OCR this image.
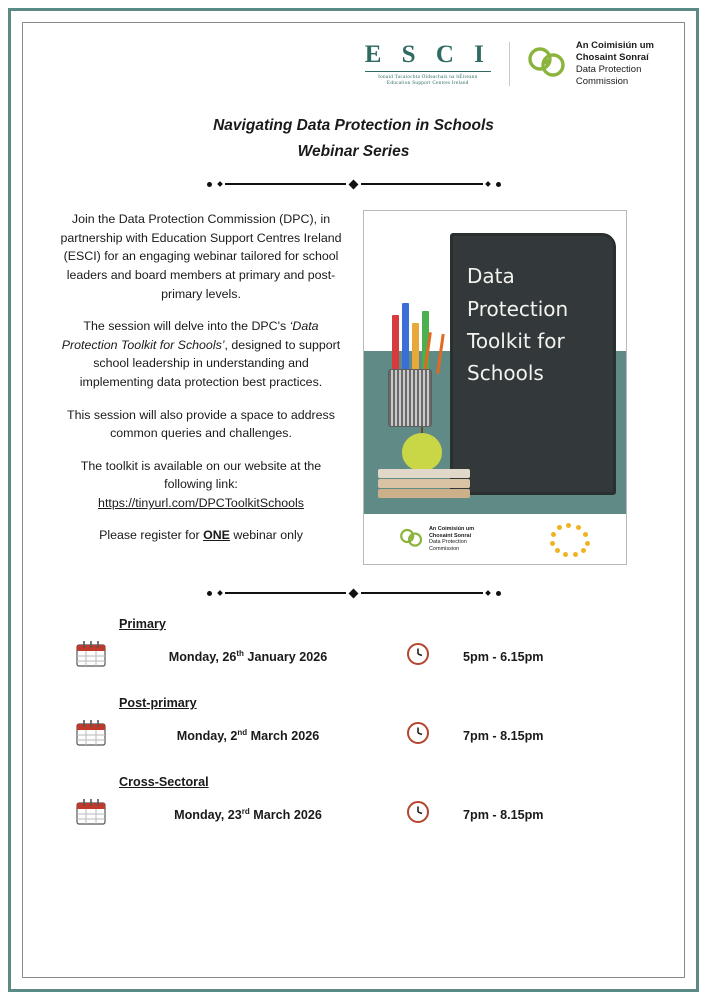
E S C I
Ionaid Tacaíochta Oideachais na hÉireann
Education Support Centres Ireland
An Coimisiún um
Chosaint Sonraí
Data Protection
Commission
Navigating Data Protection in Schools
Webinar Series

Join the Data Protection Commission (DPC), in partnership with Education Support Centres Ireland (ESCI) for an engaging webinar tailored for school leaders and board members at primary and post-primary levels.

The session will delve into the DPC's ‘Data Protection Toolkit for Schools’, designed to support school leadership in understanding and implementing data protection best practices.

This session will also provide a space to address common queries and challenges.

The toolkit is available on our website at the following link:
https://tinyurl.com/DPCToolkitSchools

Please register for ONE webinar only

Data
Protection
Toolkit for
Schools
An Coimisiún um
Chosaint Sonraí
Data Protection
Commission
Primary
Monday, 26th January 2026	5pm - 6.15pm
Post-primary
Monday, 2nd March 2026	7pm - 8.15pm
Cross-Sectoral
Monday, 23rd March 2026	7pm - 8.15pm
